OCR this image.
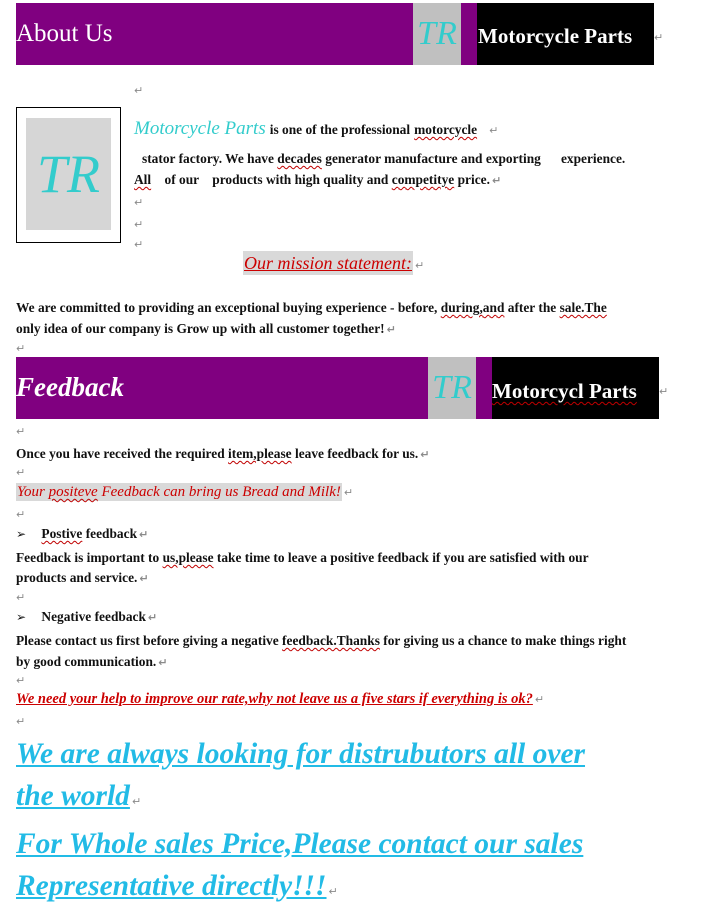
About Us	TR Motorcycle Parts ↵
↵
TR
Motorcycle Parts is one of the professional motorcycle ↵
stator factory. We have decades generator manufacture and exporting      experience.
All of our    products with high quality and competitye price. ↵
↵
↵
↵
Our mission statement: ↵
We are committed to providing an exceptional buying experience - before, during,and after the sale.The
only idea of our company is Grow up with all customer together! ↵
↵
Feedback	TR Motorcycl Parts ↵
↵
Once you have received the required item,please leave feedback for us. ↵
↵
Your positeve Feedback can bring us Bread and Milk! ↵
↵
➢ Postive feedback ↵
Feedback is important to us,please take time to leave a positive feedback if you are satisfied with our
products and service. ↵
↵
➢ Negative feedback ↵
Please contact us first before giving a negative feedback.Thanks for giving us a chance to make things right
by good communication. ↵
↵
We need your help to improve our rate,why not leave us a five stars if everything is ok? ↵
↵
We are always looking for distrubutors all over
the world ↵
For Whole sales Price,Please contact our sales
Representative directly!!! ↵
